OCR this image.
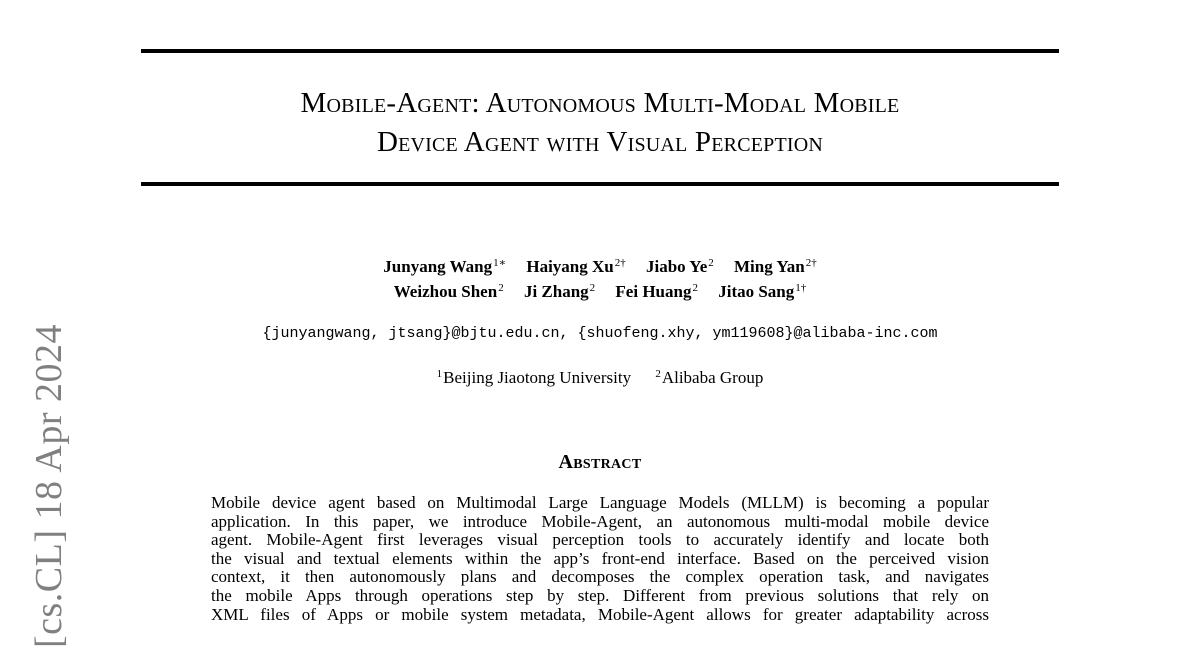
Mobile-Agent: Autonomous Multi-Modal Mobile
Device Agent with Visual Perception
Junyang Wang$^{1∗}$ Haiyang $Xu^{2\dagger}$ Jiabo Ye$^2$ Ming Yan$^{2\dagger}$
Weizhou Shen$^2$ Ji Zhang$^2$ Fei Huang$^2$ Jitao Sang$^{1\dagger}$
{junyangwang, jtsang}@bjtu.edu.cn, {shuofeng.xhy, ym119608}@alibaba-inc.com
$^1$Beijing Jiaotong University $^2$Alibaba Group
Abstract
Mobile device agent based on Multimodal Large Language Models (MLLM) is becoming a popular
application. In this paper, we introduce Mobile-Agent, an autonomous multi-modal mobile device
agent. Mobile-Agent first leverages visual perception tools to accurately identify and locate both
the visual and textual elements within the app’s front-end interface. Based on the perceived vision
context, it then autonomously plans and decomposes the complex operation task, and navigates
the mobile Apps through operations step by step. Different from previous solutions that rely on
XML files of Apps or mobile system metadata, Mobile-Agent allows for greater adaptability across
[cs.CL] 18 Apr 2024
